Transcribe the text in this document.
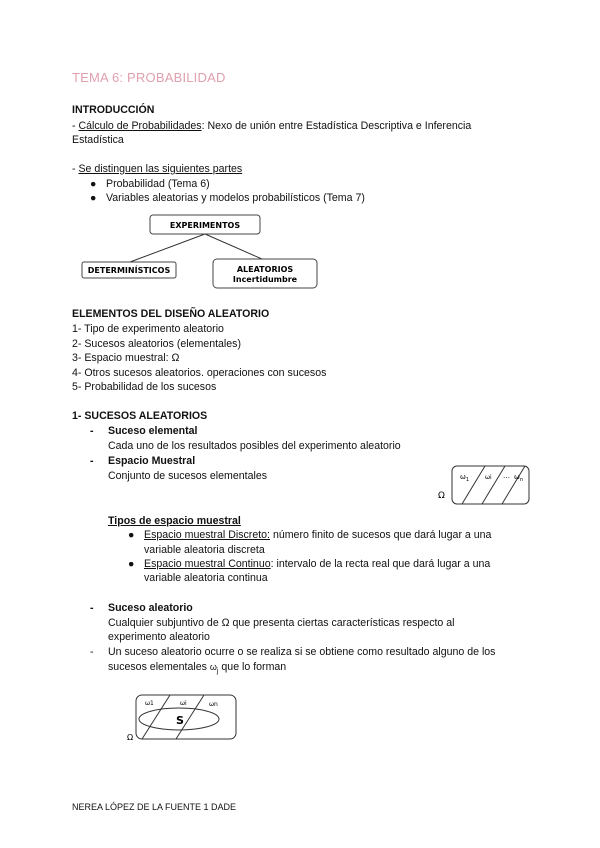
TEMA 6: PROBABILIDAD
INTRODUCCIÓN
- Cálculo de Probabilidades: Nexo de unión entre Estadística Descriptiva e Inferencia
Estadística
- Se distinguen las siguientes partes
● Probabilidad (Tema 6)
● Variables aleatorias y modelos probabilísticos (Tema 7)
EXPERIMENTOS
DETERMINÍSTICOS	ALEATORIOS
Incertidumbre
ELEMENTOS DEL DISEÑO ALEATORIO
1- Tipo de experimento aleatorio
2- Sucesos aleatorios (elementales)
3- Espacio muestral: Ω
4- Otros sucesos aleatorios. operaciones con sucesos
5- Probabilidad de los sucesos
1- SUCESOS ALEATORIOS
- Suceso elemental
Cada uno de los resultados posibles del experimento aleatorio
- Espacio Muestral
Conjunto de sucesos elementales	$\omega_1$	ωi … $\omega_n$
Ω
Tipos de espacio muestral
● Espacio muestral Discreto: número finito de sucesos que dará lugar a una
variable aleatoria discreta
● Espacio muestral Continuo: intervalo de la recta real que dará lugar a una
variable aleatoria continua
- Suceso aleatorio
Cualquier subjuntivo de Ω que presenta ciertas características respecto al
experimento aleatorio
- Un suceso aleatorio ocurre o se realiza si se obtiene como resultado alguno de los
sucesos elementales $\omega_j$ que lo forman
ω1	ωi	ωn
S
Ω
NEREA LÓPEZ DE LA FUENTE 1 DADE
